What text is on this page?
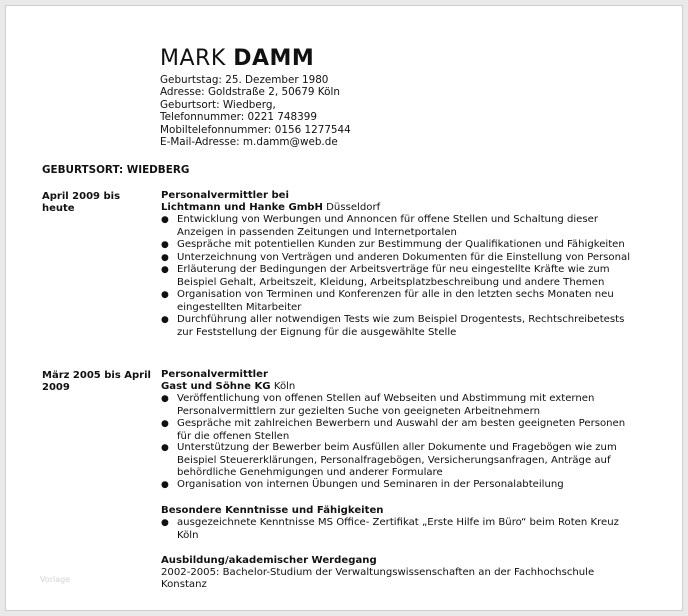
MARK DAMM
Geburtstag: 25. Dezember 1980
Adresse: Goldstraße 2, 50679 Köln
Geburtsort: Wiedberg,
Telefonnummer: 0221 748399
Mobiltelefonnummer: 0156 1277544
E-Mail-Adresse: m.damm@web.de
GEBURTSORT: WIEDBERG
April 2009 bis heute
Personalvermittler bei
Lichtmann und Hanke GmbH Düsseldorf

● Entwicklung von Werbungen und Annoncen für offene Stellen und Schaltung dieser Anzeigen in passenden Zeitungen und Internetportalen

● Gespräche mit potentiellen Kunden zur Bestimmung der Qualifikationen und Fähigkeiten

● Unterzeichnung von Verträgen und anderen Dokumenten für die Einstellung von Personal

● Erläuterung der Bedingungen der Arbeitsverträge für neu eingestellte Kräfte wie zum Beispiel Gehalt, Arbeitszeit, Kleidung, Arbeitsplatzbeschreibung und andere Themen

● Organisation von Terminen und Konferenzen für alle in den letzten sechs Monaten neu eingestellten Mitarbeiter

● Durchführung aller notwendigen Tests wie zum Beispiel Drogentests, Rechtschreibetests zur Feststellung der Eignung für die ausgewählte Stelle

März 2005 bis April 2009
Personalvermittler
Gast und Söhne KG Köln

● Veröffentlichung von offenen Stellen auf Webseiten und Abstimmung mit externen Personalvermittlern zur gezielten Suche von geeigneten Arbeitnehmern

● Gespräche mit zahlreichen Bewerbern und Auswahl der am besten geeigneten Personen für die offenen Stellen

● Unterstützung der Bewerber beim Ausfüllen aller Dokumente und Fragebögen wie zum Beispiel Steuererklärungen, Personalfragebögen, Versicherungsanfragen, Anträge auf behördliche Genehmigungen und anderer Formulare

● Organisation von internen Übungen und Seminaren in der Personalabteilung

Besondere Kenntnisse und Fähigkeiten

● ausgezeichnete Kenntnisse MS Office- Zertifikat „Erste Hilfe im Büro“ beim Roten Kreuz Köln

Ausbildung/akademischer Werdegang
2002-2005: Bachelor-Studium der Verwaltungswissenschaften an der Fachhochschule Konstanz
Vorlage
